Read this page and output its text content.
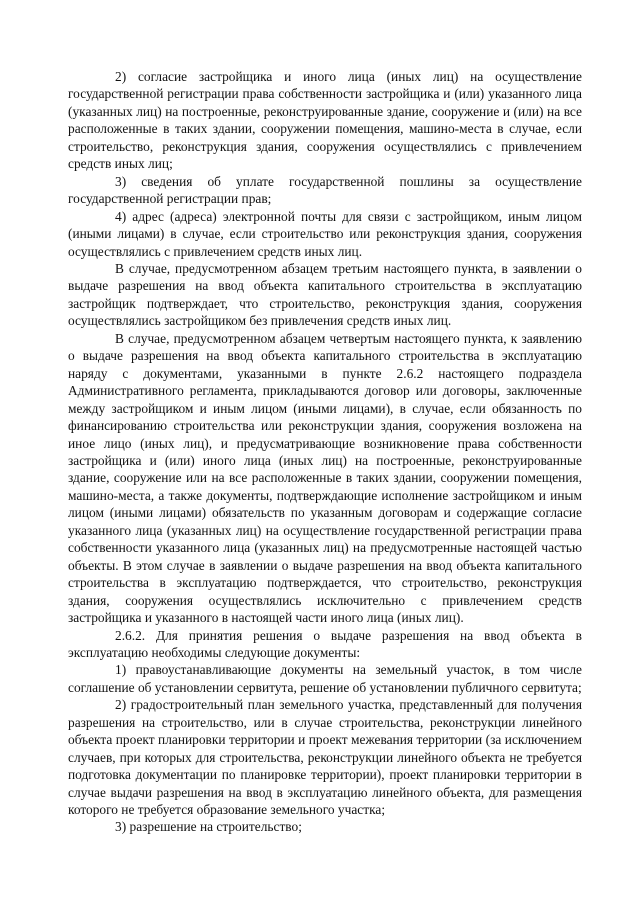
2) согласие застройщика и иного лица (иных лиц) на осуществление государственной регистрации права собственности застройщика и (или) указанного лица (указанных лиц) на построенные, реконструированные здание, сооружение и (или) на все расположенные в таких здании, сооружении помещения, машино-места в случае, если строительство, реконструкция здания, сооружения осуществлялись с привлечением средств иных лиц;

3) сведения об уплате государственной пошлины за осуществление государственной регистрации прав;

4) адрес (адреса) электронной почты для связи с застройщиком, иным лицом (иными лицами) в случае, если строительство или реконструкция здания, сооружения осуществлялись с привлечением средств иных лиц.

В случае, предусмотренном абзацем третьим настоящего пункта, в заявлении о выдаче разрешения на ввод объекта капитального строительства в эксплуатацию застройщик подтверждает, что строительство, реконструкция здания, сооружения осуществлялись застройщиком без привлечения средств иных лиц.

В случае, предусмотренном абзацем четвертым настоящего пункта, к заявлению о выдаче разрешения на ввод объекта капитального строительства в эксплуатацию наряду с документами, указанными в пункте 2.6.2 настоящего подраздела Административного регламента, прикладываются договор или договоры, заключенные между застройщиком и иным лицом (иными лицами), в случае, если обязанность по финансированию строительства или реконструкции здания, сооружения возложена на иное лицо (иных лиц), и предусматривающие возникновение права собственности застройщика и (или) иного лица (иных лиц) на построенные, реконструированные здание, сооружение или на все расположенные в таких здании, сооружении помещения, машино-места, а также документы, подтверждающие исполнение застройщиком и иным лицом (иными лицами) обязательств по указанным договорам и содержащие согласие указанного лица (указанных лиц) на осуществление государственной регистрации права собственности указанного лица (указанных лиц) на предусмотренные настоящей частью объекты. В этом случае в заявлении о выдаче разрешения на ввод объекта капитального строительства в эксплуатацию подтверждается, что строительство, реконструкция здания, сооружения осуществлялись исключительно с привлечением средств застройщика и указанного в настоящей части иного лица (иных лиц).

2.6.2. Для принятия решения о выдаче разрешения на ввод объекта в эксплуатацию необходимы следующие документы:

1) правоустанавливающие документы на земельный участок, в том числе соглашение об установлении сервитута, решение об установлении публичного сервитута;

2) градостроительный план земельного участка, представленный для получения разрешения на строительство, или в случае строительства, реконструкции линейного объекта проект планировки территории и проект межевания территории (за исключением случаев, при которых для строительства, реконструкции линейного объекта не требуется подготовка документации по планировке территории), проект планировки территории в случае выдачи разрешения на ввод в эксплуатацию линейного объекта, для размещения которого не требуется образование земельного участка;

3) разрешение на строительство;
